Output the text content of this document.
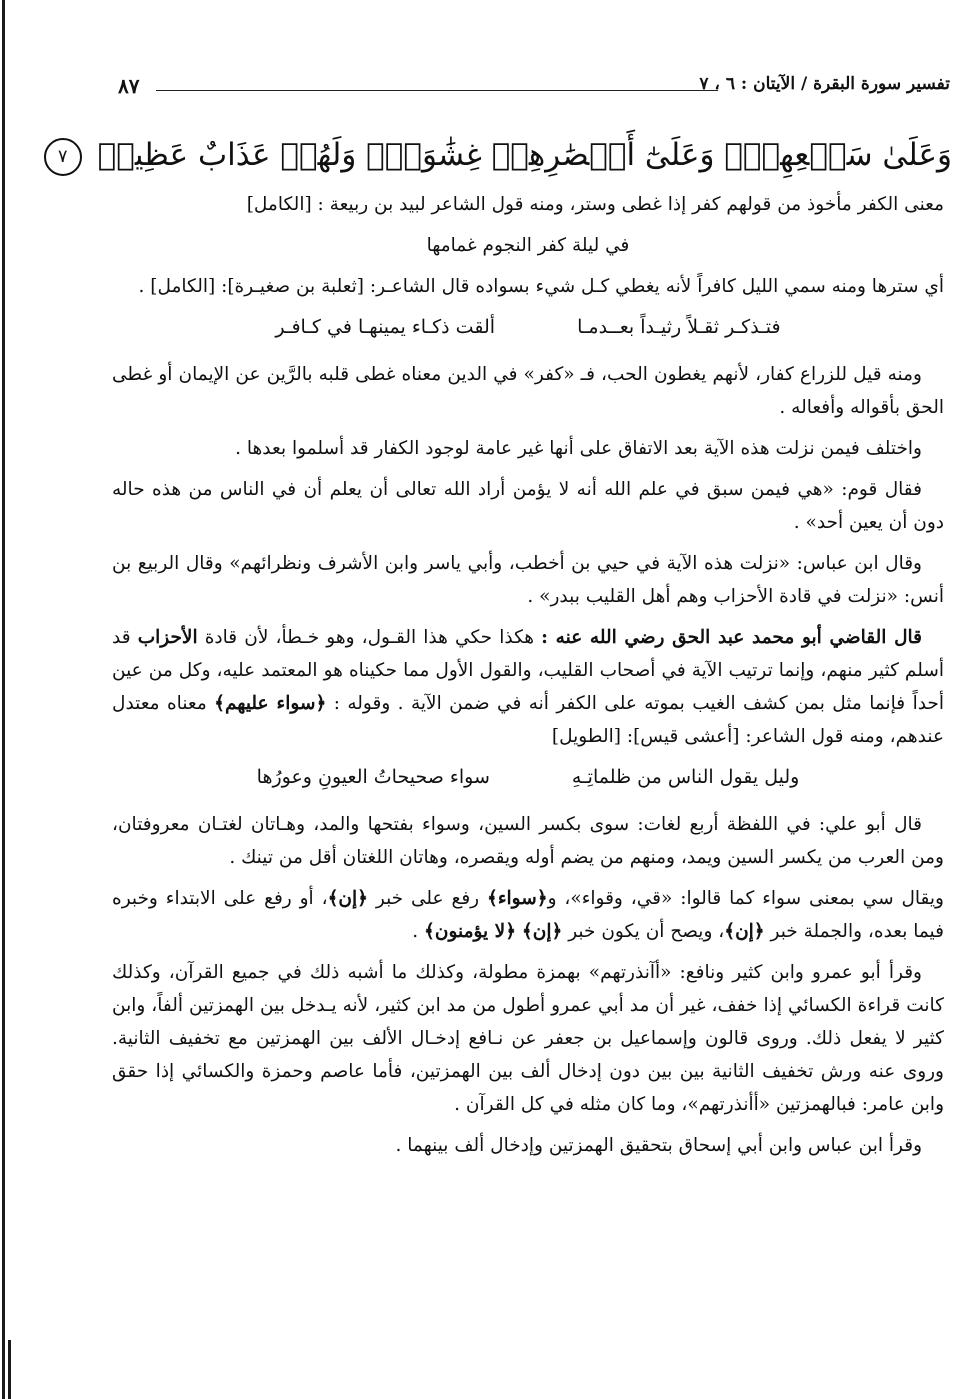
تفسير سورة البقرة / الآيتان : ٦ ، ٧
٨٧
وَعَلَىٰ سَمۡعِهِمۡۖ وَعَلَىٰٓ أَبۡصَٰرِهِمۡ غِشَٰوَةٞۖ وَلَهُمۡ عَذَابٌ عَظِيمٞ ٧

معنى الكفر مأخوذ من قولهم كفر إذا غطى وستر، ومنه قول الشاعر لبيد بن ربيعة : [الكامل]

في ليلة كفر النجوم غمامها

أي سترها ومنه سمي الليل كافراً لأنه يغطي كـل شيء بسواده قال الشاعـر: [ثعلبة بن صغيـرة]: [الكامل] .

فتـذكـر ثقـلاً رثيـداً بعــدمـا ألقت ذكـاء يمينهـا في كـافـر

ومنه قيل للزراع كفار، لأنهم يغطون الحب، فـ «كفر» في الدين معناه غطى قلبه بالرَّين عن الإيمان أو غطى الحق بأقواله وأفعاله .

واختلف فيمن نزلت هذه الآية بعد الاتفاق على أنها غير عامة لوجود الكفار قد أسلموا بعدها .

فقال قوم: «هي فيمن سبق في علم الله أنه لا يؤمن أراد الله تعالى أن يعلم أن في الناس من هذه حاله دون أن يعين أحد» .

وقال ابن عباس: «نزلت هذه الآية في حيي بن أخطب، وأبي ياسر وابن الأشرف ونظرائهم» وقال الربيع بن أنس: «نزلت في قادة الأحزاب وهم أهل القليب ببدر» .

قال القاضي أبو محمد عبد الحق رضي الله عنه : هكذا حكي هذا القـول، وهو خـطأ، لأن قادة الأحزاب قد أسلم كثير منهم، وإنما ترتيب الآية في أصحاب القليب، والقول الأول مما حكيناه هو المعتمد عليه، وكل من عين أحداً فإنما مثل بمن كشف الغيب بموته على الكفر أنه في ضمن الآية . وقوله : ﴿سواء عليهم﴾ معناه معتدل عندهم، ومنه قول الشاعر: [أعشى قيس]: [الطويل]

وليل يقول الناس من ظلماتِـهِ سواء صحيحاتُ العيونِ وعورُها

قال أبو علي: في اللفظة أربع لغات: سوى بكسر السين، وسواء بفتحها والمد، وهـاتان لغتـان معروفتان، ومن العرب من يكسر السين ويمد، ومنهم من يضم أوله ويقصره، وهاتان اللغتان أقل من تينك .

ويقال سي بمعنى سواء كما قالوا: «قي، وقواء»، و﴿سواء﴾ رفع على خبر ﴿إن﴾، أو رفع على الابتداء وخبره فيما بعده، والجملة خبر ﴿إن﴾، ويصح أن يكون خبر ﴿إن﴾ ﴿لا يؤمنون﴾ .

وقرأ أبو عمرو وابن كثير ونافع: «أآنذرتهم» بهمزة مطولة، وكذلك ما أشبه ذلك في جميع القرآن، وكذلك كانت قراءة الكسائي إذا خفف، غير أن مد أبي عمرو أطول من مد ابن كثير، لأنه يـدخل بين الهمزتين ألفاً، وابن كثير لا يفعل ذلك. وروى قالون وإسماعيل بن جعفر عن نـافع إدخـال الألف بين الهمزتين مع تخفيف الثانية. وروى عنه ورش تخفيف الثانية بين بين دون إدخال ألف بين الهمزتين، فأما عاصم وحمزة والكسائي إذا حقق وابن عامر: فبالهمزتين «أأنذرتهم»، وما كان مثله في كل القرآن .

وقرأ ابن عباس وابن أبي إسحاق بتحقيق الهمزتين وإدخال ألف بينهما .
